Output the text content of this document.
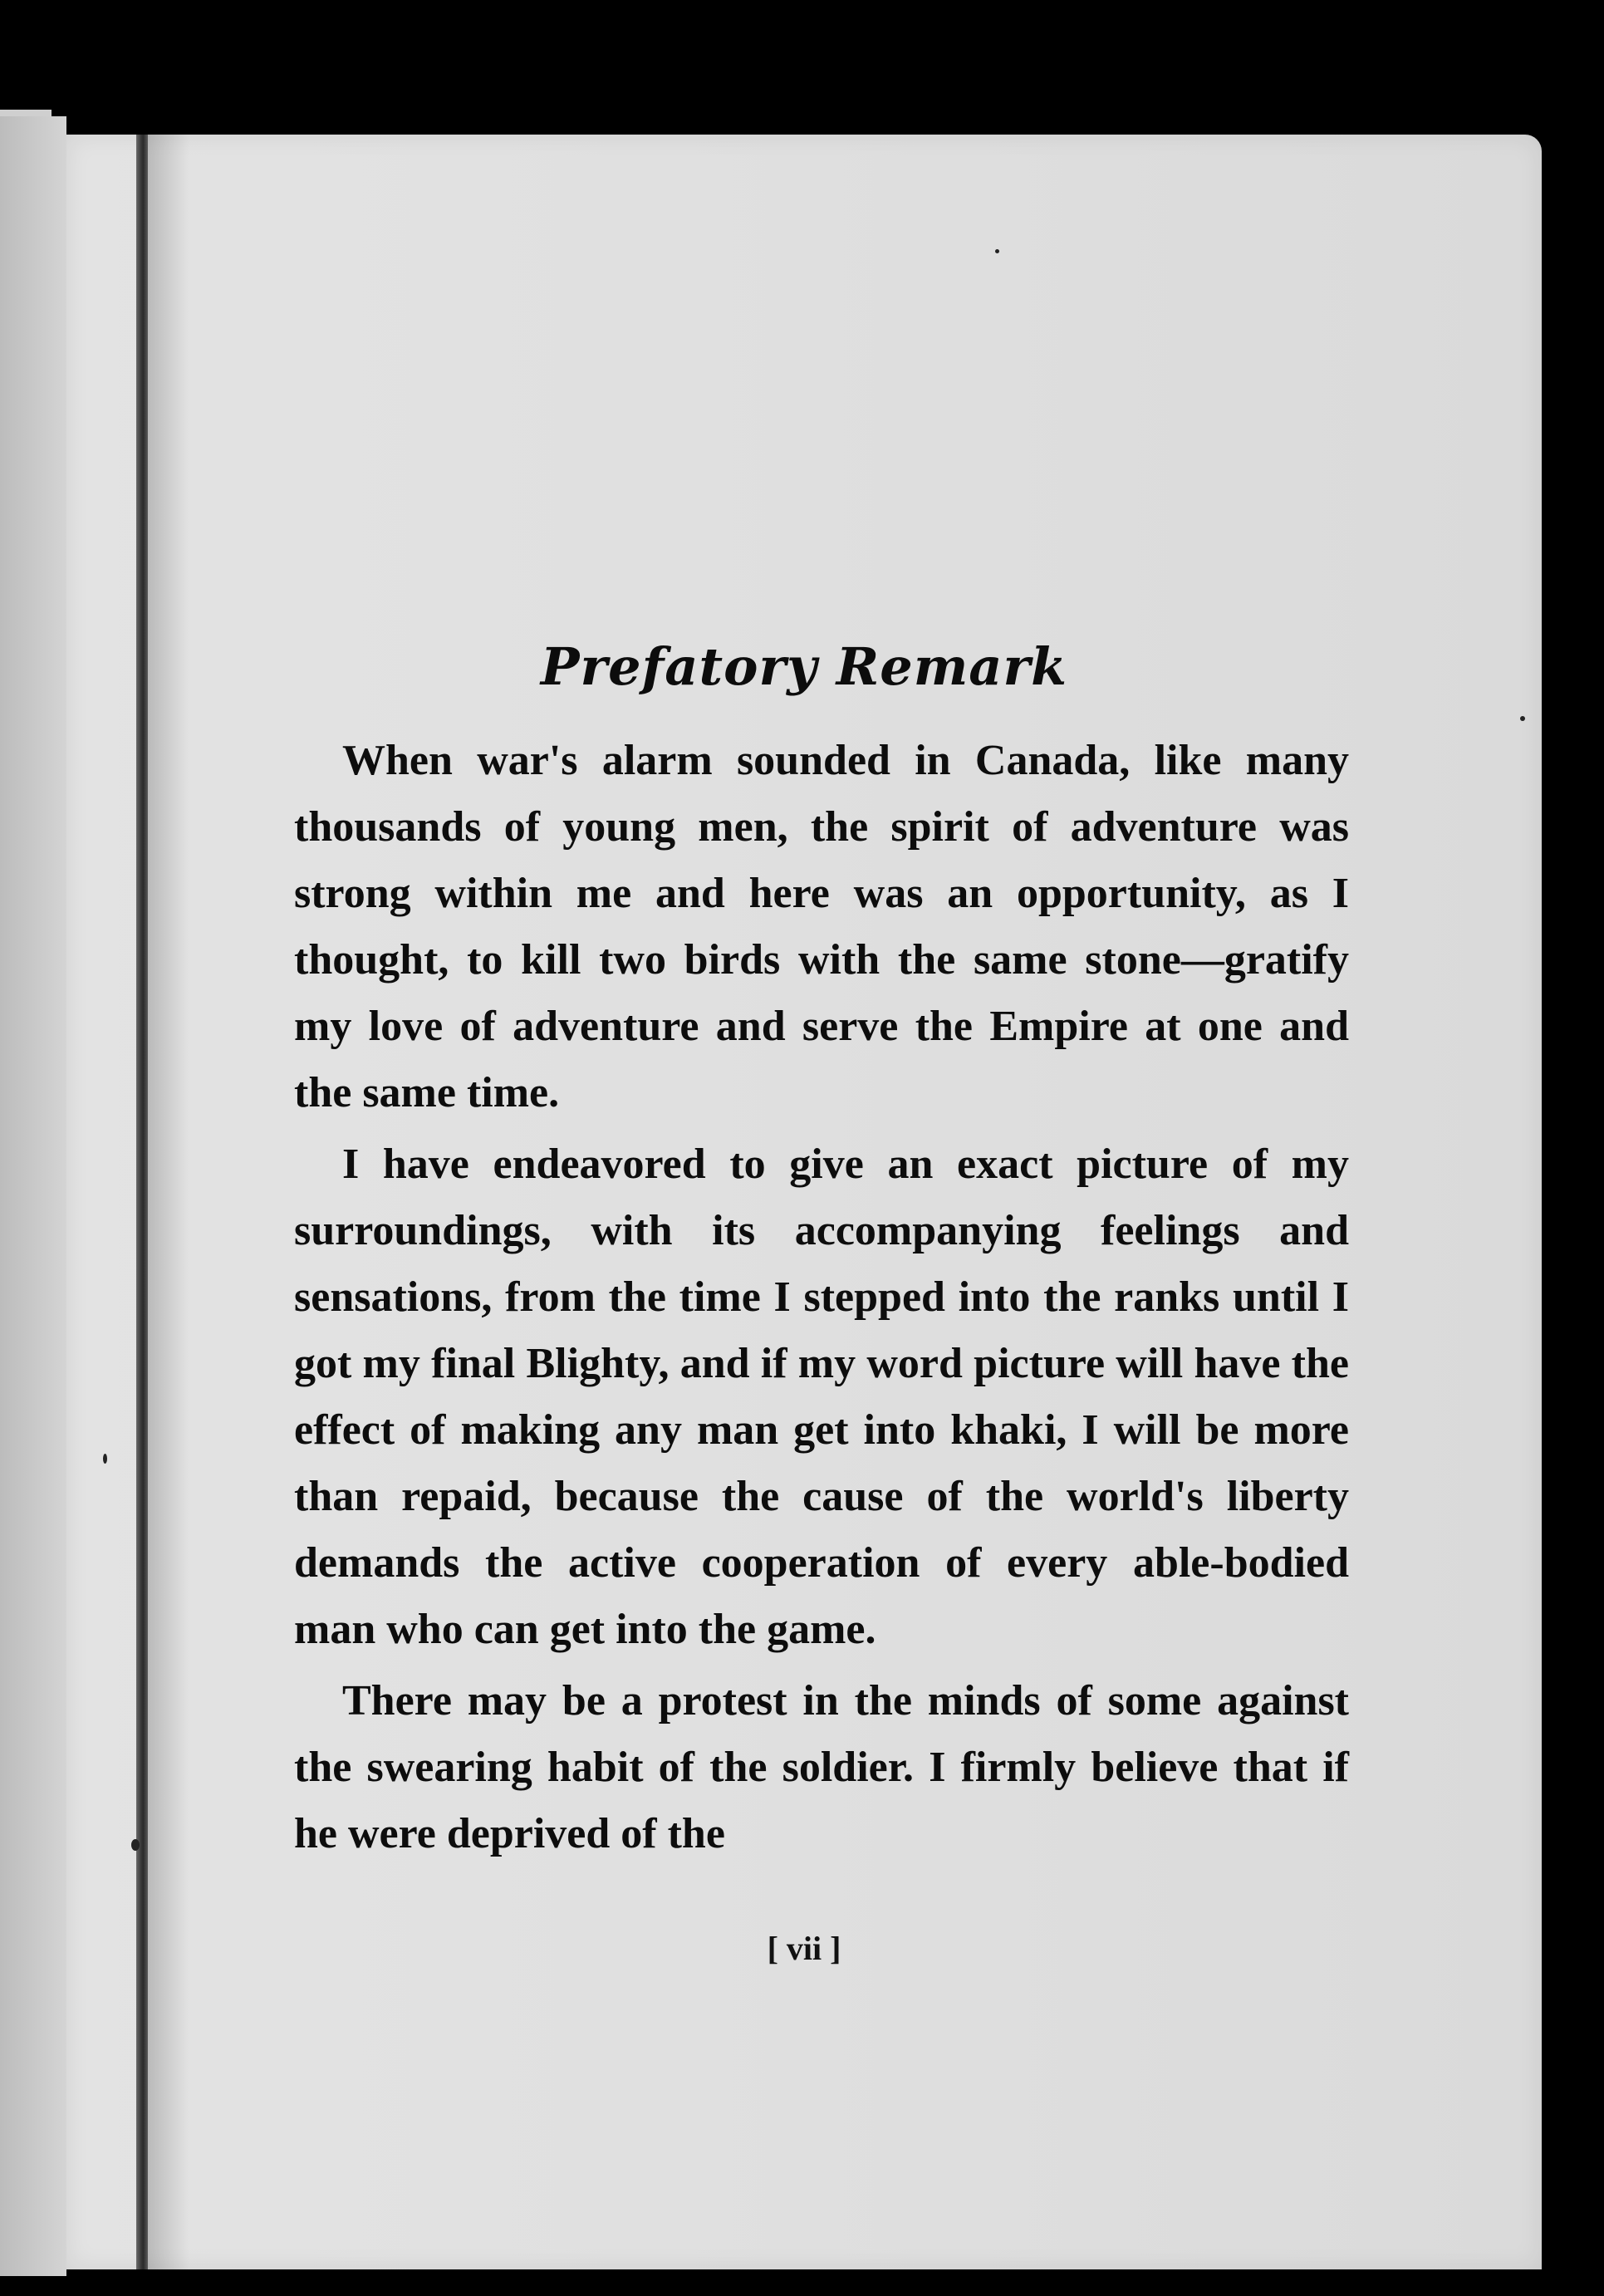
Prefatory Remark

When war's alarm sounded in Canada, like many thousands of young men, the spirit of adventure was strong within me and here was an opportunity, as I thought, to kill two birds with the same stone—gratify my love of adventure and serve the Empire at one and the same time.

I have endeavored to give an exact picture of my surroundings, with its accompanying feelings and sensations, from the time I stepped into the ranks until I got my final Blighty, and if my word picture will have the effect of making any man get into khaki, I will be more than repaid, because the cause of the world's liberty demands the active cooperation of every able-bodied man who can get into the game.

There may be a protest in the minds of some against the swearing habit of the soldier. I firmly believe that if he were deprived of the

[ vii ]
